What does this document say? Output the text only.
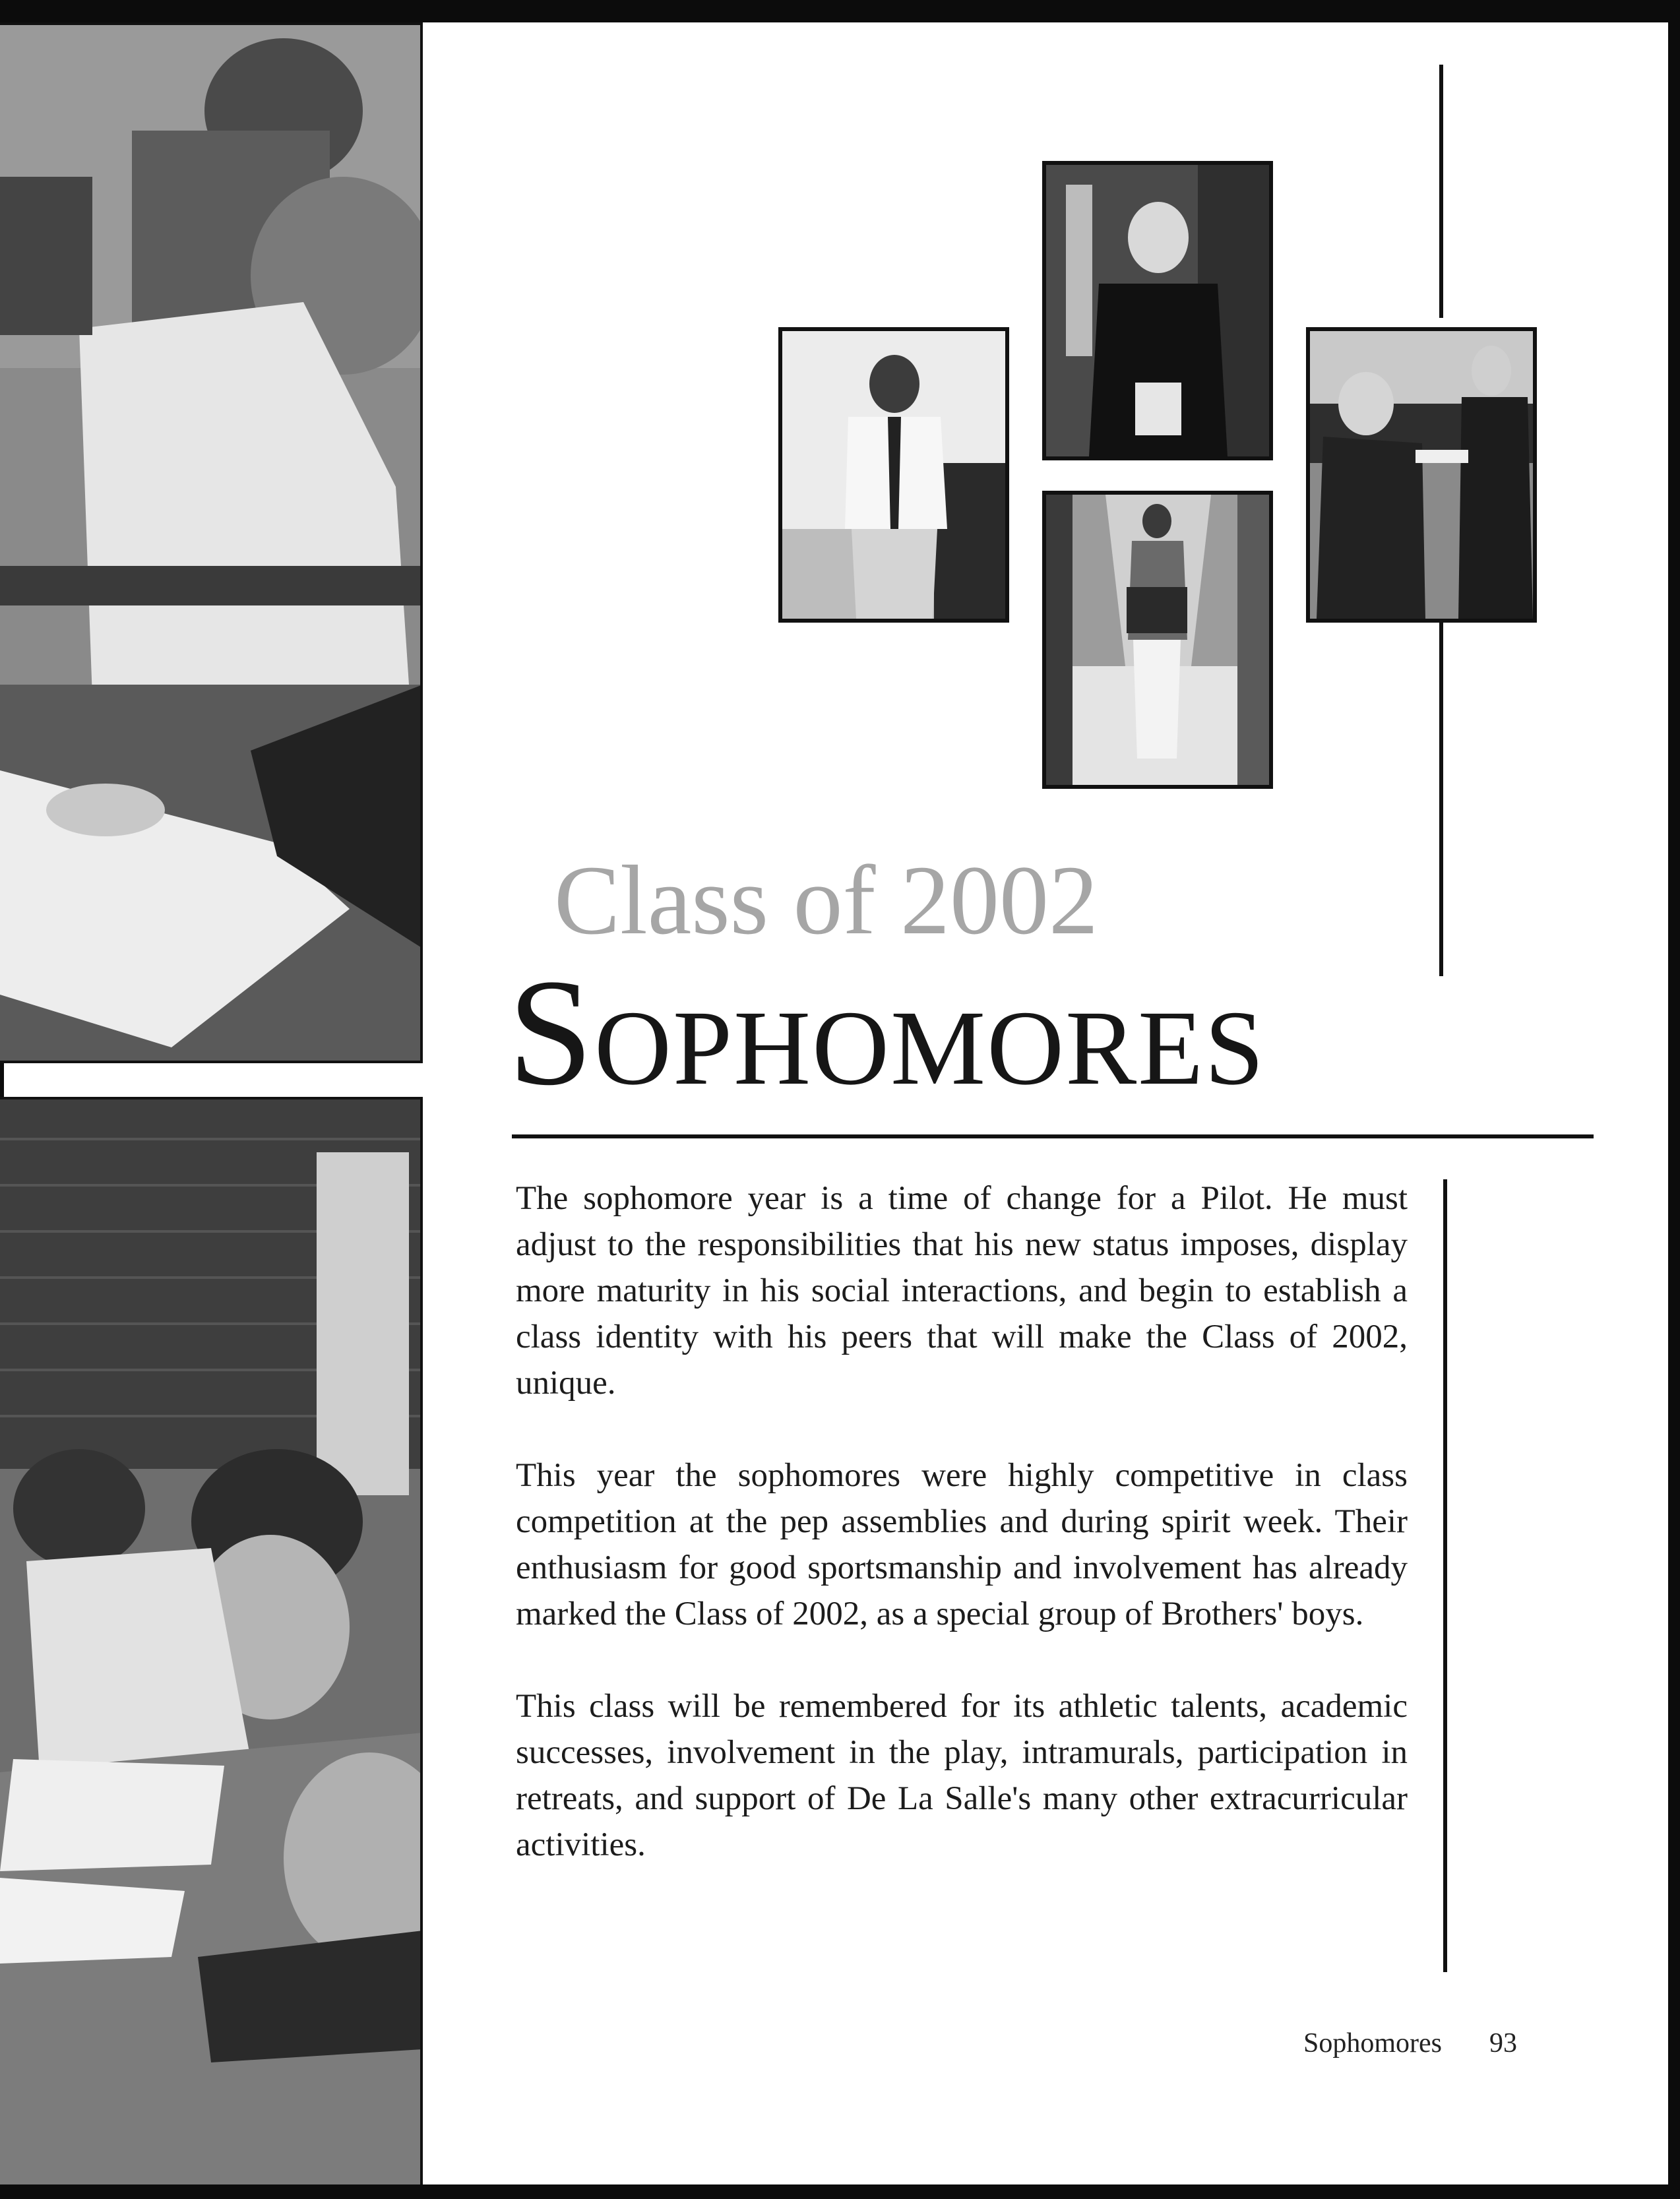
Class of 2002
Sophomores

The sophomore year is a time of change for a Pilot. He must adjust to the responsibilities that his new status imposes, display more maturity in his social interactions, and begin to establish a class identity with his peers that will make the Class of 2002, unique.

This year the sophomores were highly competitive in class competition at the pep assemblies and during spirit week. Their enthusiasm for good sportsmanship and involvement has already marked the Class of 2002, as a special group of Brothers' boys.

This class will be remembered for its athletic talents, academic successes, involvement in the play, intramurals, participation in retreats, and support of De La Salle's many other extracurricular activities.

Sophomores 93
